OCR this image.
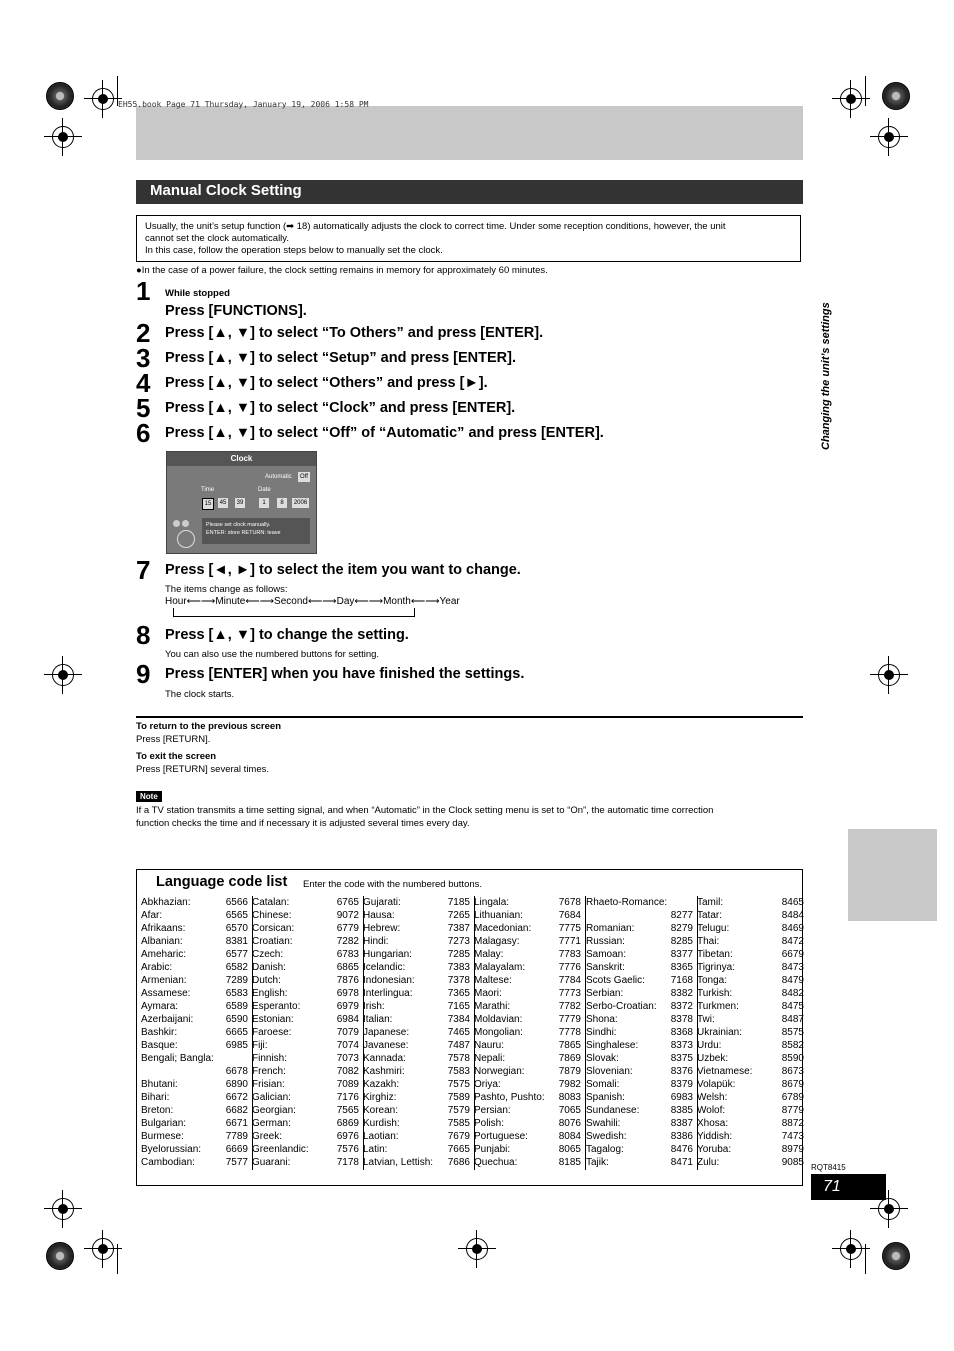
EH55.book Page 71 Thursday, January 19, 2006 1:58 PM
Manual Clock Setting
Usually, the unit’s setup function (➡ 18) automatically adjusts the clock to correct time. Under some reception conditions, however, the unit
cannot set the clock automatically.
In this case, follow the operation steps below to manually set the clock.
●In the case of a power failure, the clock setting remains in memory for approximately 60 minutes.
Changing the unit’s settings
1 While stopped
Press [FUNCTIONS].
2 Press [▲, ▼] to select “To Others” and press [ENTER].
3 Press [▲, ▼] to select “Setup” and press [ENTER].
4 Press [▲, ▼] to select “Others” and press [►].
5 Press [▲, ▼] to select “Clock” and press [ENTER].
6 Press [▲, ▼] to select “Off” of “Automatic” and press [ENTER].
Clock
Automatic	Off
Time	Date
15	45 39	1	8	2006
Please set clock manually.
ENTER: store RETURN: leave
7 Press [◄, ►] to select the item you want to change.
The items change as follows:
Hour⟵⟶Minute⟵⟶Second⟵⟶Day⟵⟶Month⟵⟶Year
8 Press [▲, ▼] to change the setting.
You can also use the numbered buttons for setting.
9 Press [ENTER] when you have finished the settings.
The clock starts.
To return to the previous screen
Press [RETURN].
To exit the screen
Press [RETURN] several times.
Note
If a TV station transmits a time setting signal, and when “Automatic” in the Clock setting menu is set to “On”, the automatic time correction
function checks the time and if necessary it is adjusted several times every day.
Language code list Enter the code with the numbered buttons.
Abkhazian:	6566
Afar:	6565
Afrikaans:	6570
Albanian:	8381
Ameharic:	6577
Arabic:	6582
Armenian:	7289
Assamese:	6583
Aymara:	6589
Azerbaijani:	6590
Bashkir:	6665
Basque:	6985
Bengali; Bangla:
6678
Bhutani:	6890
Bihari:	6672
Breton:	6682
Bulgarian:	6671
Burmese:	7789
Byelorussian: 6669
Cambodian:	7577
Catalan:	6765
Chinese:	9072
Corsican:	6779
Croatian:	7282
Czech:	6783
Danish:	6865
Dutch:	7876
English:	6978
Esperanto:	6979
Estonian:	6984
Faroese:	7079
Fiji:	7074
Finnish:	7073
French:	7082
Frisian:	7089
Galician:	7176
Georgian:	7565
German:	6869
Greek:	6976
Greenlandic:	7576
Guarani:	7178
Gujarati:	7185
Hausa:	7265
Hebrew:	7387
Hindi:	7273
Hungarian:	7285
Icelandic:	7383
Indonesian:	7378
Interlingua:	7365
Irish:	7165
Italian:	7384
Japanese:	7465
Javanese:	7487
Kannada:	7578
Kashmiri:	7583
Kazakh:	7575
Kirghiz:	7589
Korean:	7579
Kurdish:	7585
Laotian:	7679
Latin:	7665
Latvian, Lettish: 7686
Lingala:	7678
Lithuanian:	7684
Macedonian:	7775
Malagasy:	7771
Malay:	7783
Malayalam:	7776
Maltese:	7784
Maori:	7773
Marathi:	7782
Moldavian:	7779
Mongolian:	7778
Nauru:	7865
Nepali:	7869
Norwegian:	7879
Oriya:	7982
Pashto, Pushto: 8083
Persian:	7065
Polish:	8076
Portuguese:	8084
Punjabi:	8065
Quechua:	8185
Rhaeto-Romance:
8277
Romanian:	8279
Russian:	8285
Samoan:	8377
Sanskrit:	8365
Scots Gaelic:	7168
Serbian:	8382
Serbo-Croatian: 8372
Shona:	8378
Sindhi:	8368
Singhalese:	8373
Slovak:	8375
Slovenian:	8376
Somali:	8379
Spanish:	6983
Sundanese:	8385
Swahili:	8387
Swedish:	8386
Tagalog:	8476
Tajik:	8471
Tamil:	8465
Tatar:	8484
Telugu:	8469
Thai:	8472
Tibetan:	6679
Tigrinya:	8473
Tonga:	8479
Turkish:	8482
Turkmen:	8475
Twi:	8487
Ukrainian:	8575
Urdu:	8582
Uzbek:	8590
Vietnamese:	8673
Volapük:	8679
Welsh:	6789
Wolof:	8779
Xhosa:	8872
Yiddish:	7473
Yoruba:	8979
Zulu:	9085 RQT8415
71
